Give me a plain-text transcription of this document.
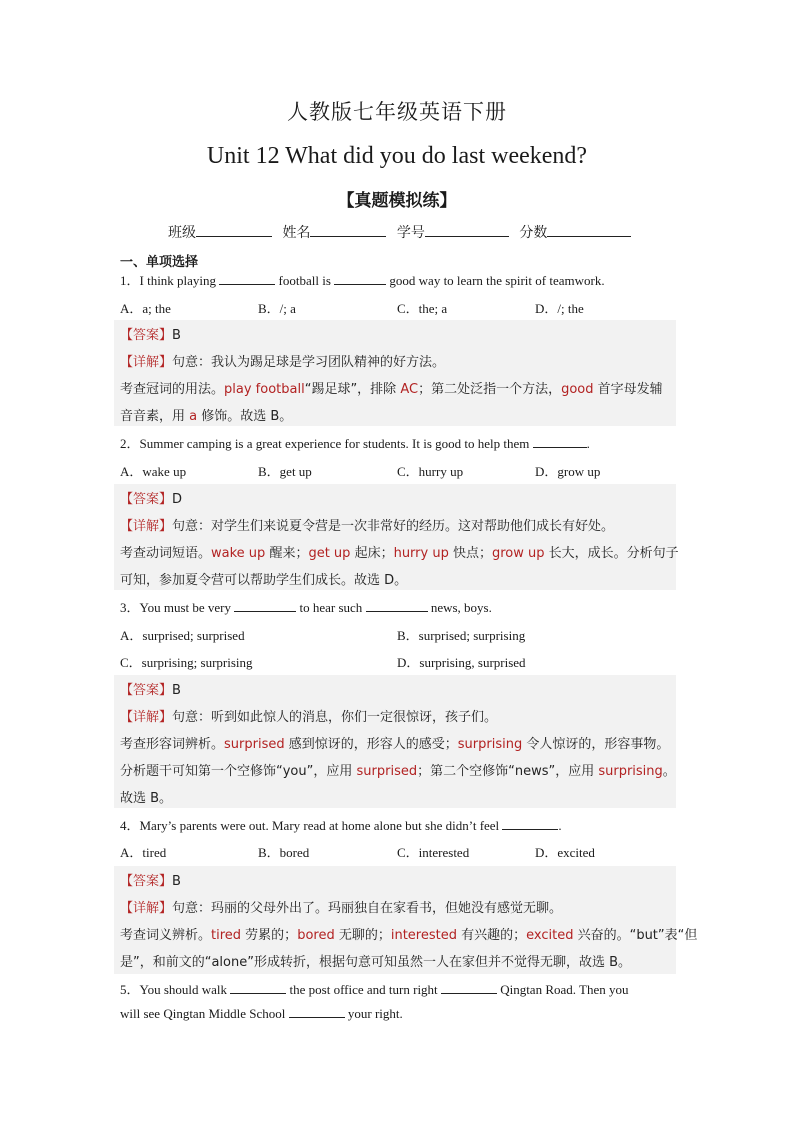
人教版七年级英语下册
Unit 12 What did you do last weekend?
【真题模拟练】
班级	姓名	学号	分数
一、单项选择
1．I think playing	football is	good way to learn the spirit of teamwork.
A．a; the	B．/; a	C．the; a	D．/; the
【答案】B
【详解】句意：我认为踢足球是学习团队精神的好方法。
考查冠词的用法。play football“踢足球”，排除 AC；第二处泛指一个方法，good 首字母发辅
音音素，用 a 修饰。故选 B。
2．Summer camping is a great experience for students. It is good to help them	.
A．wake up	B．get up	C．hurry up	D．grow up
【答案】D
【详解】句意：对学生们来说夏令营是一次非常好的经历。这对帮助他们成长有好处。
考查动词短语。wake up 醒来；get up 起床；hurry up 快点；grow up 长大，成长。分析句子
可知，参加夏令营可以帮助学生们成长。故选 D。
3．You must be very	to hear such	news, boys.
A．surprised; surprised	B．surprised; surprising
C．surprising; surprising	D．surprising, surprised
【答案】B
【详解】句意：听到如此惊人的消息，你们一定很惊讶，孩子们。
考查形容词辨析。surprised 感到惊讶的，形容人的感受；surprising 令人惊讶的，形容事物。
分析题干可知第一个空修饰“you”，应用 surprised；第二个空修饰“news”，应用 surprising。
故选 B。
4．Mary’s parents were out. Mary read at home alone but she didn’t feel	.
A．tired	B．bored	C．interested	D．excited
【答案】B
【详解】句意：玛丽的父母外出了。玛丽独自在家看书，但她没有感觉无聊。
考查词义辨析。tired 劳累的；bored 无聊的；interested 有兴趣的；excited 兴奋的。“but”表“但
是”，和前文的“alone”形成转折，根据句意可知虽然一人在家但并不觉得无聊，故选 B。
5．You should walk	the post office and turn right	Qingtan Road. Then you
will see Qingtan Middle School	your right.
